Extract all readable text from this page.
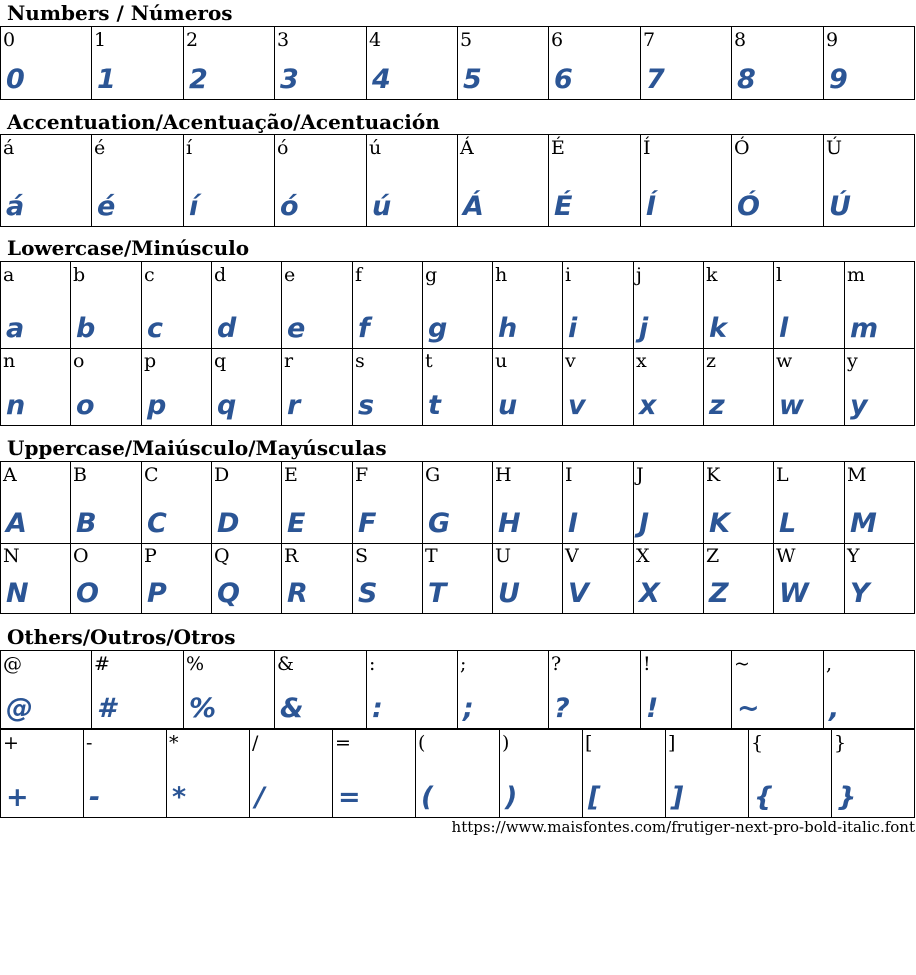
Numbers / Números
0
0
1
1
2
2
3
3
4
4
5
5
6
6
7
7
8
8
9
9
Accentuation/Acentuação/Acentuación
á
á
é
é
í
í
ó
ó
ú
ú
Á
Á
É
É
Í
Í
Ó
Ó
Ú
Ú
Lowercase/Minúsculo
a
a
b
b
c
c
d
d
e
e
f
f
g
g
h
h
i
i
j
j
k
k
l
l
m
m
n
n
o
o
p
p
q
q
r
r
s
s
t
t
u
u
v
v
x
x
z
z
w
w
y
y
Uppercase/Maiúsculo/Mayúsculas
A
A
B
B
C
C
D
D
E
E
F
F
G
G
H
H
I
I
J
J
K
K
L
L
M
M
N
N
O
O
P
P
Q
Q
R
R
S
S
T
T
U
U
V
V
X
X
Z
Z
W
W
Y
Y
Others/Outros/Otros
@
@
#
#
%
%
&
&
:
:
;
;
?
?
!
!
~
~
,
,
+
+
-
-
*
*
/
/
=
=
(
(
)
)
[
[
]
]
{
{
}
}
https://www.maisfontes.com/frutiger-next-pro-bold-italic.font
